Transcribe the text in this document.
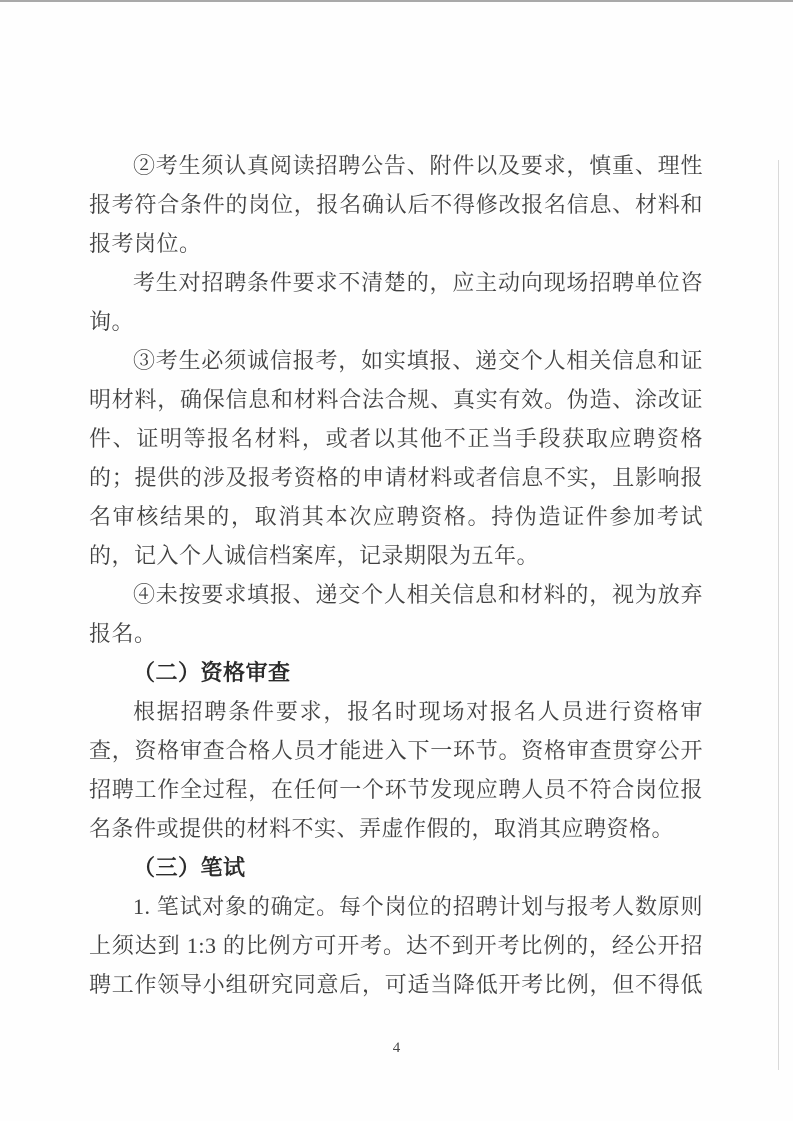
②考生须认真阅读招聘公告、附件以及要求，慎重、理性报考符合条件的岗位，报名确认后不得修改报名信息、材料和报考岗位。

考生对招聘条件要求不清楚的，应主动向现场招聘单位咨询。

③考生必须诚信报考，如实填报、递交个人相关信息和证明材料，确保信息和材料合法合规、真实有效。伪造、涂改证件、证明等报名材料，或者以其他不正当手段获取应聘资格的；提供的涉及报考资格的申请材料或者信息不实，且影响报名审核结果的，取消其本次应聘资格。持伪造证件参加考试的，记入个人诚信档案库，记录期限为五年。

④未按要求填报、递交个人相关信息和材料的，视为放弃报名。

（二）资格审查

根据招聘条件要求，报名时现场对报名人员进行资格审查，资格审查合格人员才能进入下一环节。资格审查贯穿公开招聘工作全过程，在任何一个环节发现应聘人员不符合岗位报名条件或提供的材料不实、弄虚作假的，取消其应聘资格。

（三）笔试

1. 笔试对象的确定。每个岗位的招聘计划与报考人数原则上须达到 1:3 的比例方可开考。达不到开考比例的，经公开招聘工作领导小组研究同意后，可适当降低开考比例，但不得低

4
